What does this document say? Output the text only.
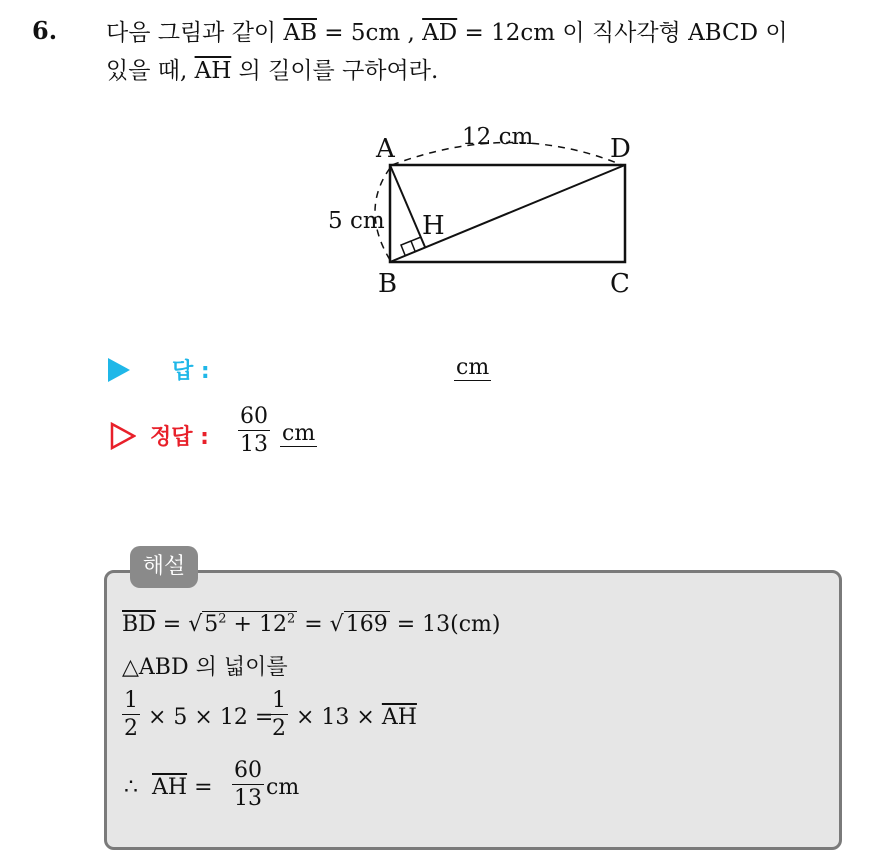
6. 다음 그림과 같이 $\overline{AB} = 5cm$ , $\overline{AD} = 12cm$ 이 직사각형 ABCD 이
있을 때, $\overline{AH}$ 의 길이를 구하여라.
A	D
B	C
H
12 cm
5 cm
답 :	cm
정답 : $\frac{60}{13}$ cm
해설
$\overline{BD} = √5^2 + 12^2 = √169 = 13(cm)$
△ABD 의 넓이를
$\frac{1}{2} \times 5 \times 12$ =
$\frac{1}{2} \times 13 \times \overline{AH}$
∴ $\overline{AH} = \frac{60}{13}$ cm
